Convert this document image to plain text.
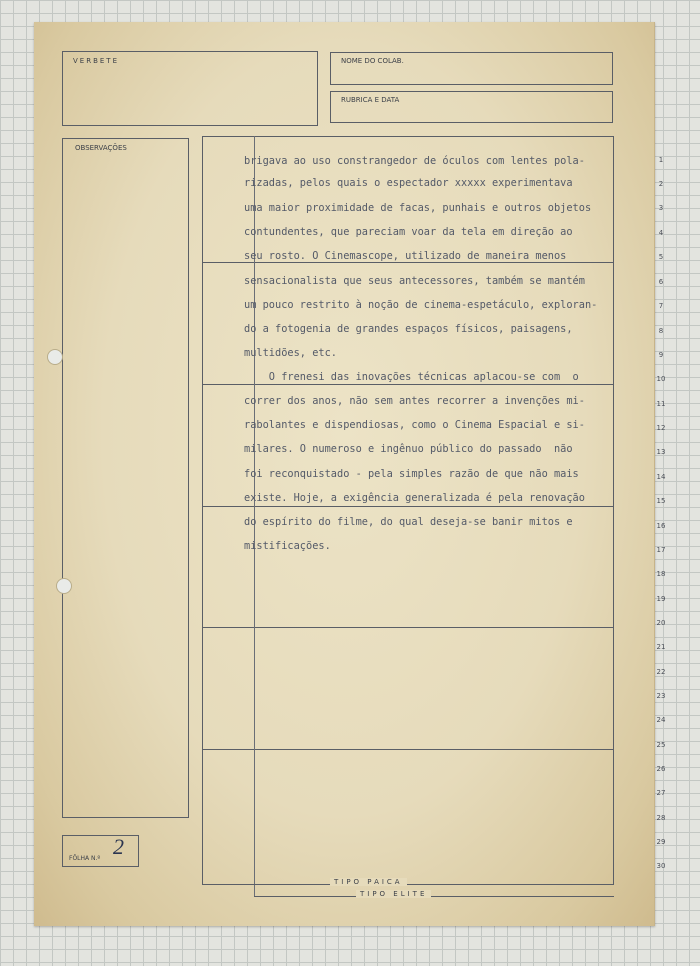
VERBETE	NOME DO COLAB.
RUBRICA E DATA
OBSERVAÇÕES
FÔLHA N.º 2
TIPO PAICA
TIPO ELITE
brigava ao uso constrangedor de óculos com lentes pola-
rizadas, pelos quais o espectador xxxxx experimentava
uma maior proximidade de facas, punhais e outros objetos
contundentes, que pareciam voar da tela em direção ao
seu rosto. O Cinemascope, utilizado de maneira menos
sensacionalista que seus antecessores, também se mantém
um pouco restrito à noção de cinema-espetáculo, exploran-
do a fotogenia de grandes espaços físicos, paisagens,
multidões, etc.
O frenesi das inovações técnicas aplacou-se com  o
correr dos anos, não sem antes recorrer a invenções mi-
rabolantes e dispendiosas, como o Cinema Espacial e si-
milares. O numeroso e ingênuo público do passado  não
foi reconquistado - pela simples razão de que não mais
existe. Hoje, a exigência generalizada é pela renovação
do espírito do filme, do qual deseja-se banir mitos e
mistificações.
1
2
3
4
5
6
7
8
9
10
11
12
13
14
15
16
17
18
19
20
21
22
23
24
25
26
27
28
29
30
